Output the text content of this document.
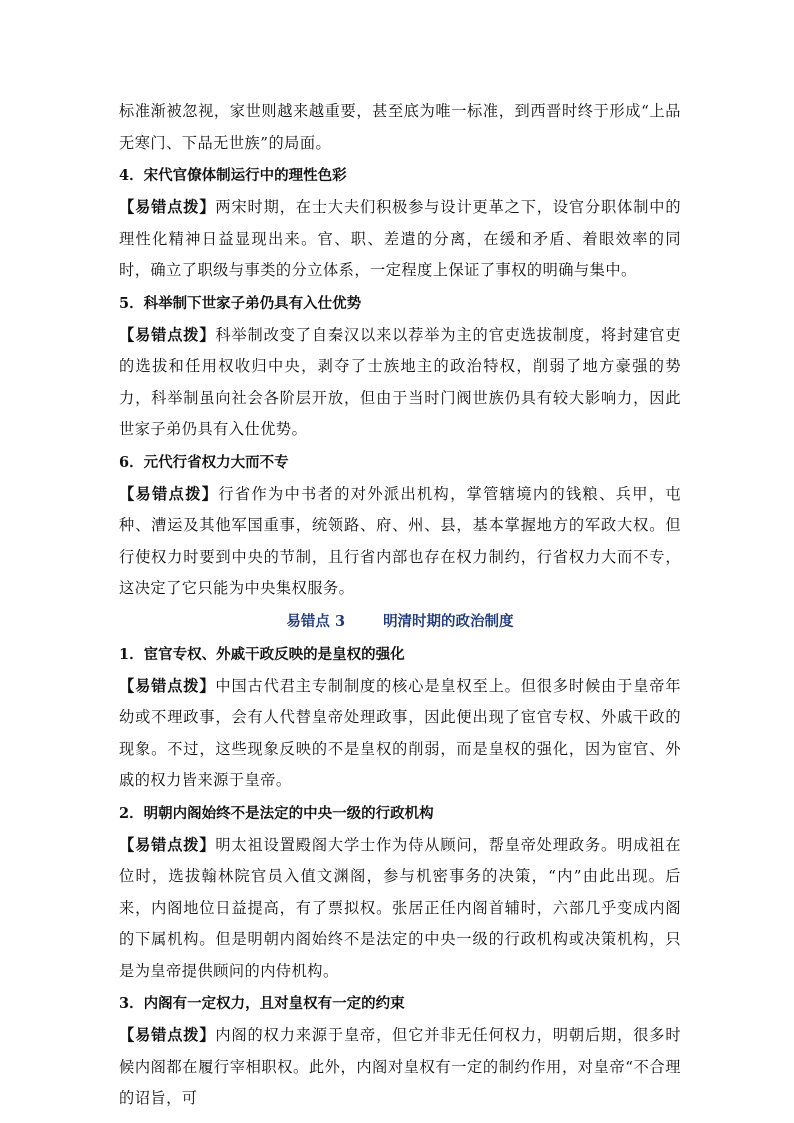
标准渐被忽视，家世则越来越重要，甚至底为唯一标准，到西晋时终于形成“上品无寒门、下品无世族”的局面。

4．宋代官僚体制运行中的理性色彩

【易错点拨】两宋时期，在士大夫们积极参与设计更革之下，设官分职体制中的理性化精神日益显现出来。官、职、差遣的分离，在缓和矛盾、着眼效率的同时，确立了职级与事类的分立体系，一定程度上保证了事权的明确与集中。

5．科举制下世家子弟仍具有入仕优势

【易错点拨】科举制改变了自秦汉以来以荐举为主的官吏选拔制度，将封建官吏的选拔和任用权收归中央，剥夺了士族地主的政治特权，削弱了地方豪强的势力，科举制虽向社会各阶层开放，但由于当时门阀世族仍具有较大影响力，因此世家子弟仍具有入仕优势。

6．元代行省权力大而不专

【易错点拨】行省作为中书者的对外派出机构，掌管辖境内的钱粮、兵甲，屯种、漕运及其他军国重事，统领路、府、州、县，基本掌握地方的军政大权。但行使权力时要到中央的节制，且行省内部也存在权力制约，行省权力大而不专，这决定了它只能为中央集权服务。

易错点 3	明清时期的政治制度
1．宦官专权、外戚干政反映的是皇权的强化

【易错点拨】中国古代君主专制制度的核心是皇权至上。但很多时候由于皇帝年幼或不理政事，会有人代替皇帝处理政事，因此便出现了宦官专权、外戚干政的现象。不过，这些现象反映的不是皇权的削弱，而是皇权的强化，因为宦官、外戚的权力皆来源于皇帝。

2．明朝内阁始终不是法定的中央一级的行政机构

【易错点拨】明太祖设置殿阁大学士作为侍从顾问，帮皇帝处理政务。明成祖在位时，选拔翰林院官员入值文渊阁，参与机密事务的决策，“内”由此出现。后来，内阁地位日益提高，有了票拟权。张居正任内阁首辅时，六部几乎变成内阁的下属机构。但是明朝内阁始终不是法定的中央一级的行政机构或决策机构，只是为皇帝提供顾问的内侍机构。

3．内阁有一定权力，且对皇权有一定的约束

【易错点拨】内阁的权力来源于皇帝，但它并非无任何权力，明朝后期，很多时候内阁都在履行宰相职权。此外，内阁对皇权有一定的制约作用，对皇帝“不合理的诏旨，可
